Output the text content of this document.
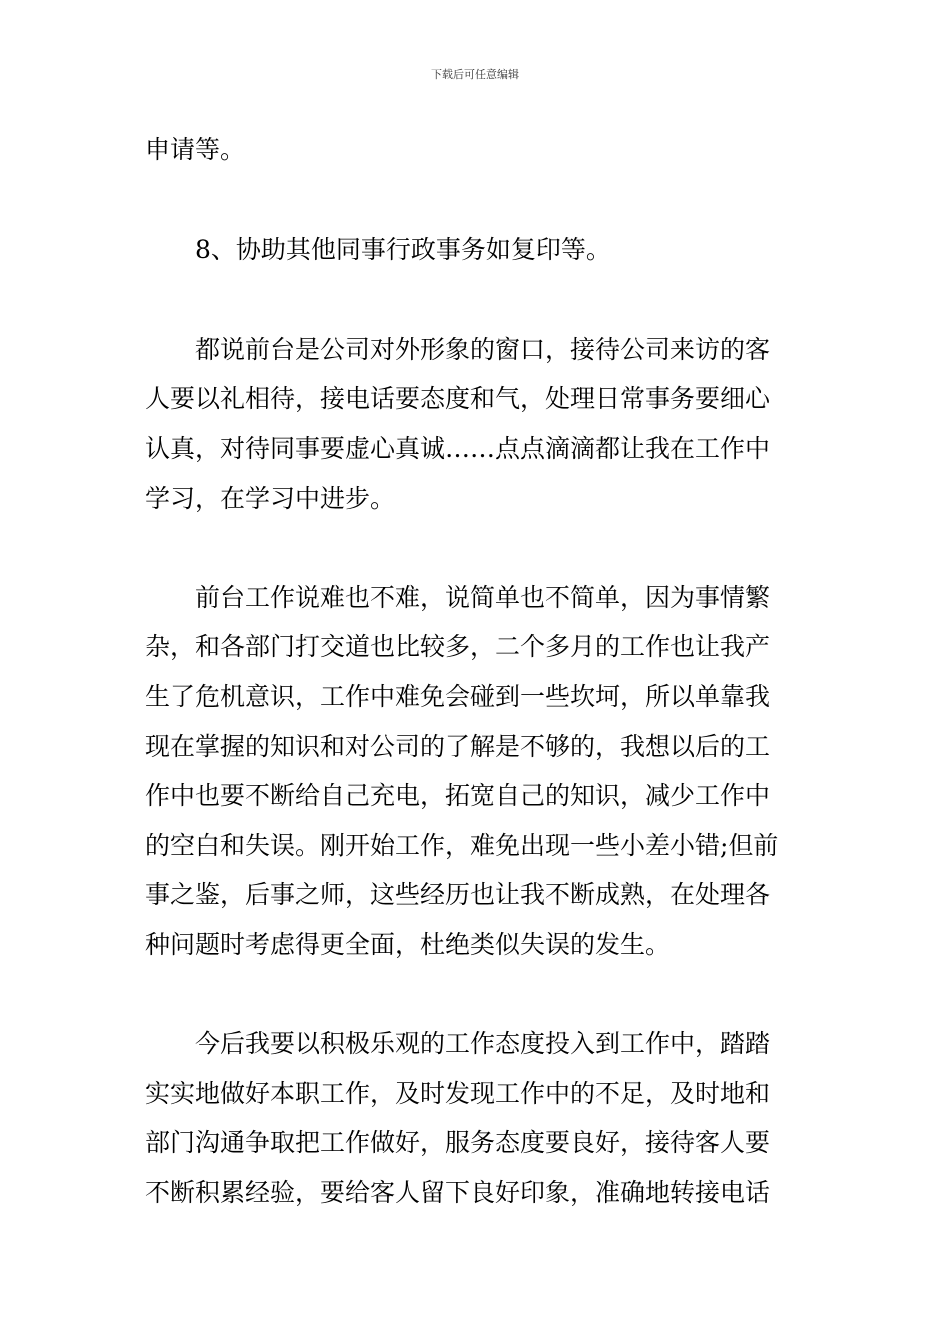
下载后可任意编辑
申请等。
8、协助其他同事行政事务如复印等。
都说前台是公司对外形象的窗口，接待公司来访的客
人要以礼相待，接电话要态度和气，处理日常事务要细心
认真，对待同事要虚心真诚……点点滴滴都让我在工作中
学习，在学习中进步。
前台工作说难也不难，说简单也不简单，因为事情繁
杂，和各部门打交道也比较多，二个多月的工作也让我产
生了危机意识，工作中难免会碰到一些坎坷，所以单靠我
现在掌握的知识和对公司的了解是不够的，我想以后的工
作中也要不断给自己充电，拓宽自己的知识，减少工作中
的空白和失误。刚开始工作，难免出现一些小差小错;但前
事之鉴，后事之师，这些经历也让我不断成熟，在处理各
种问题时考虑得更全面，杜绝类似失误的发生。
今后我要以积极乐观的工作态度投入到工作中，踏踏
实实地做好本职工作，及时发现工作中的不足，及时地和
部门沟通争取把工作做好，服务态度要良好，接待客人要
不断积累经验，要给客人留下良好印象，准确地转接电话
